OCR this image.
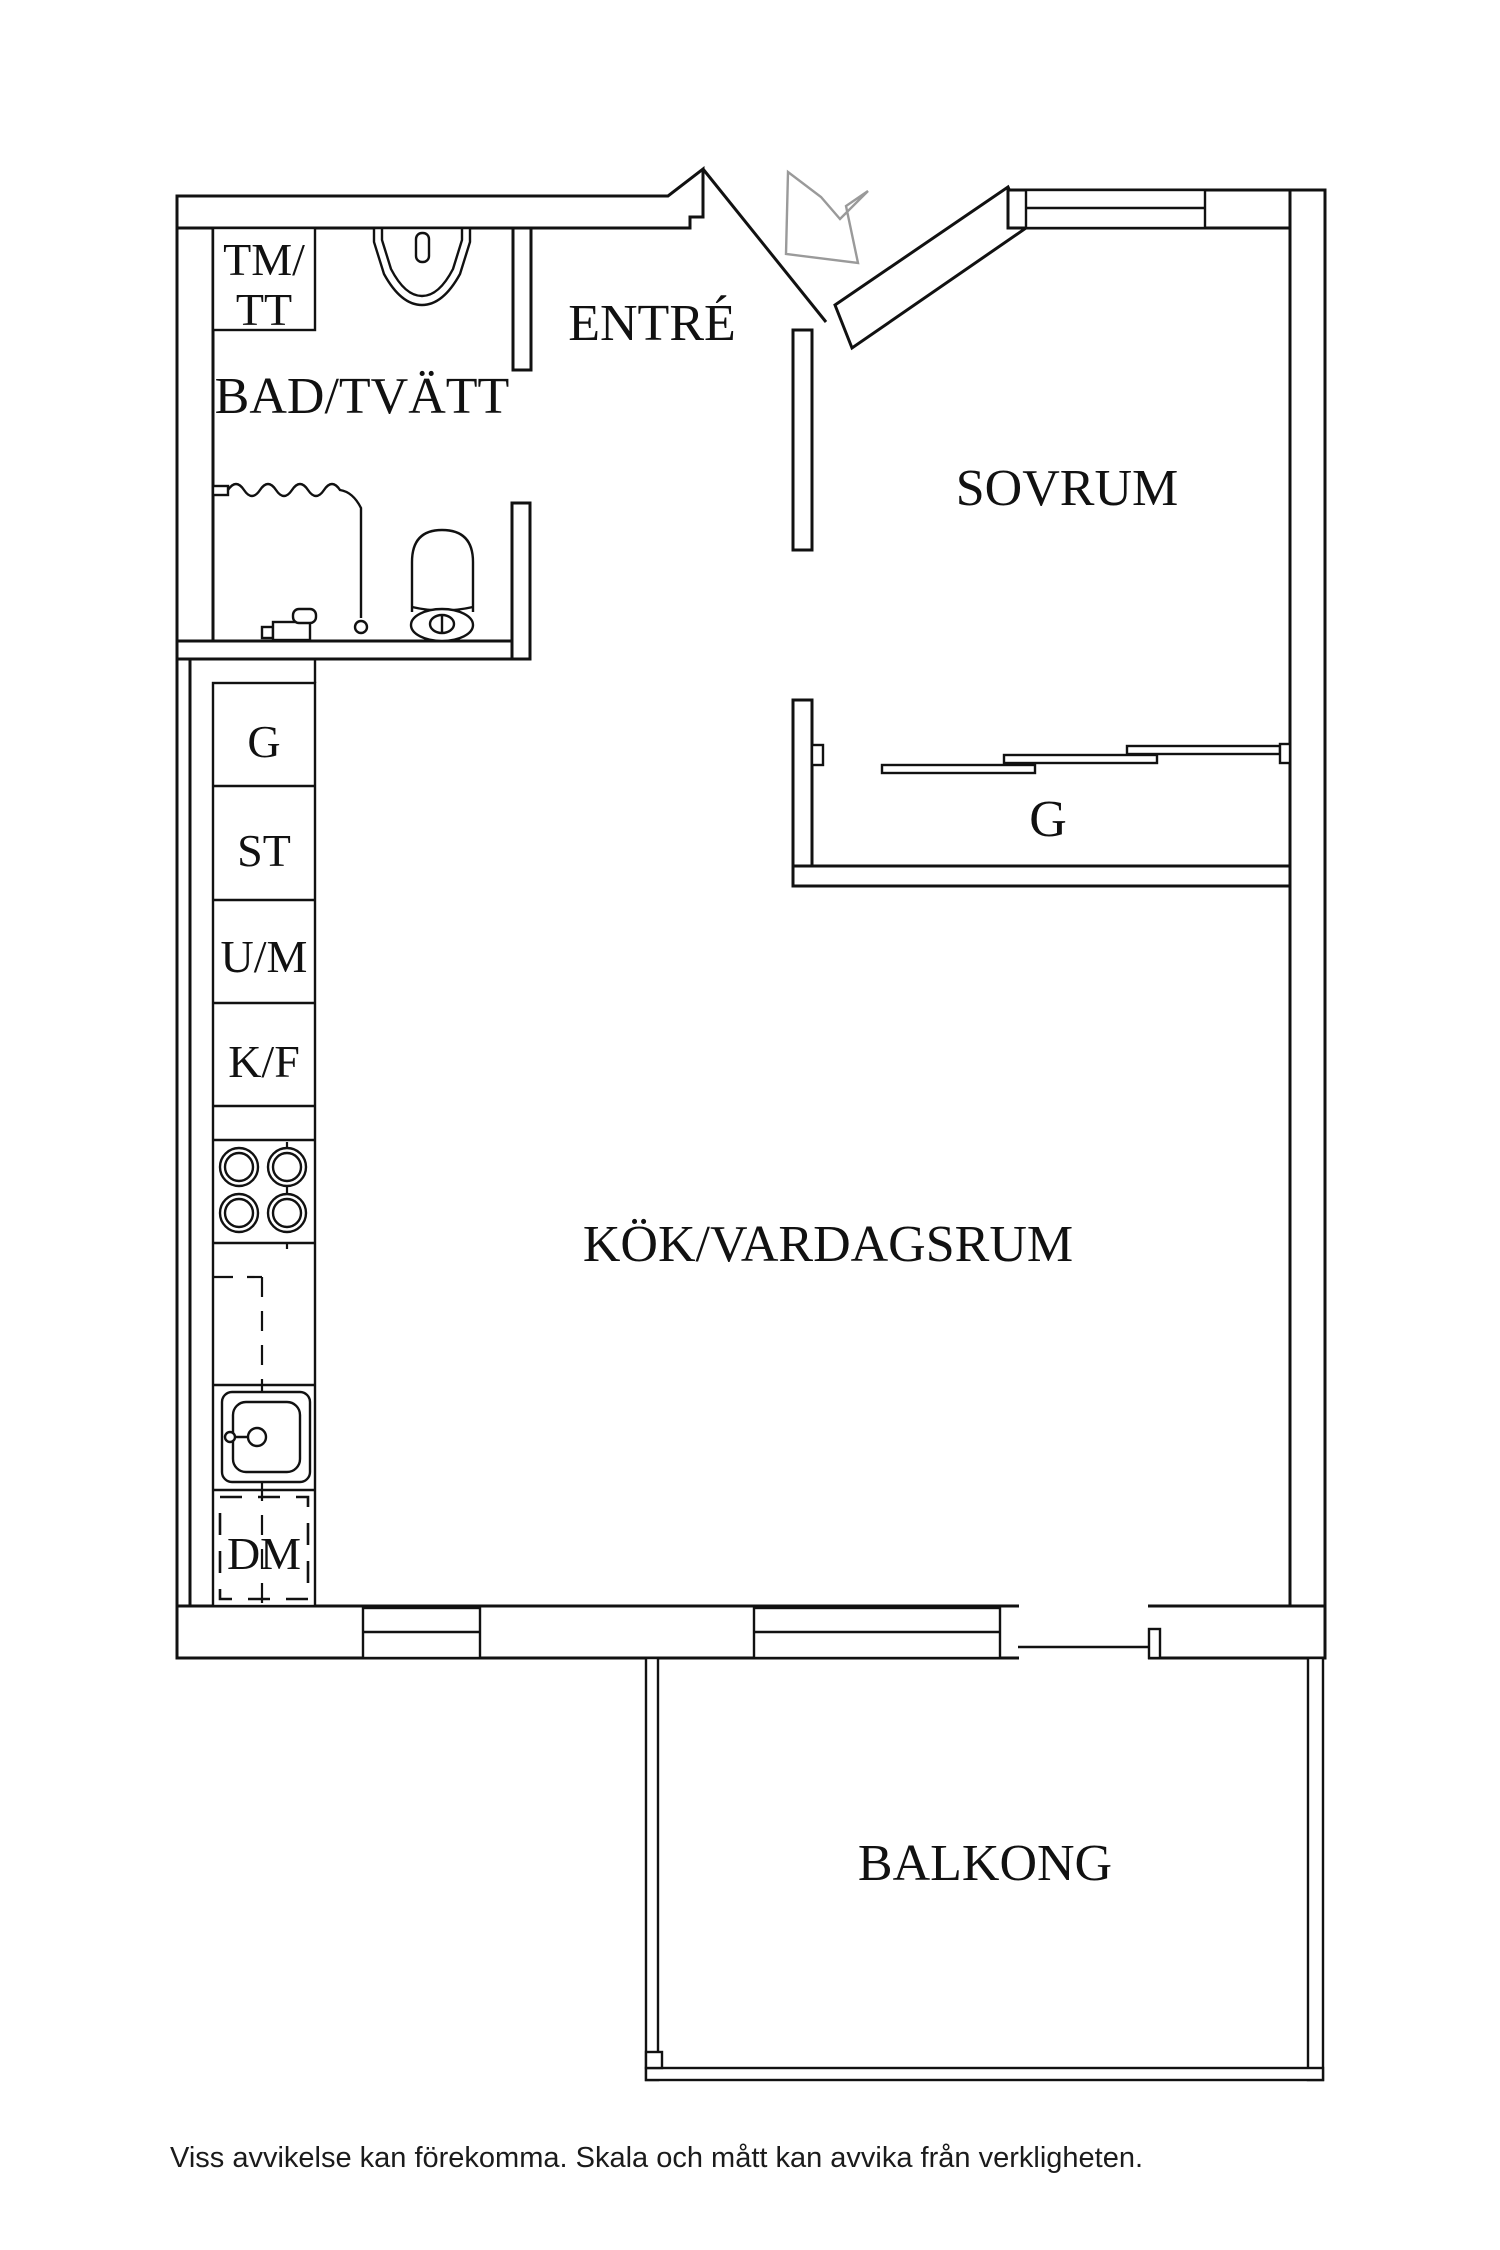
TM/
TT
BAD/TVÄTT
ENTRÉ
SOVRUM
G
KÖK/VARDAGSRUM
BALKONG
G
ST
U/M
K/F
DM
Viss avvikelse kan förekomma. Skala och mått kan avvika från verkligheten.
